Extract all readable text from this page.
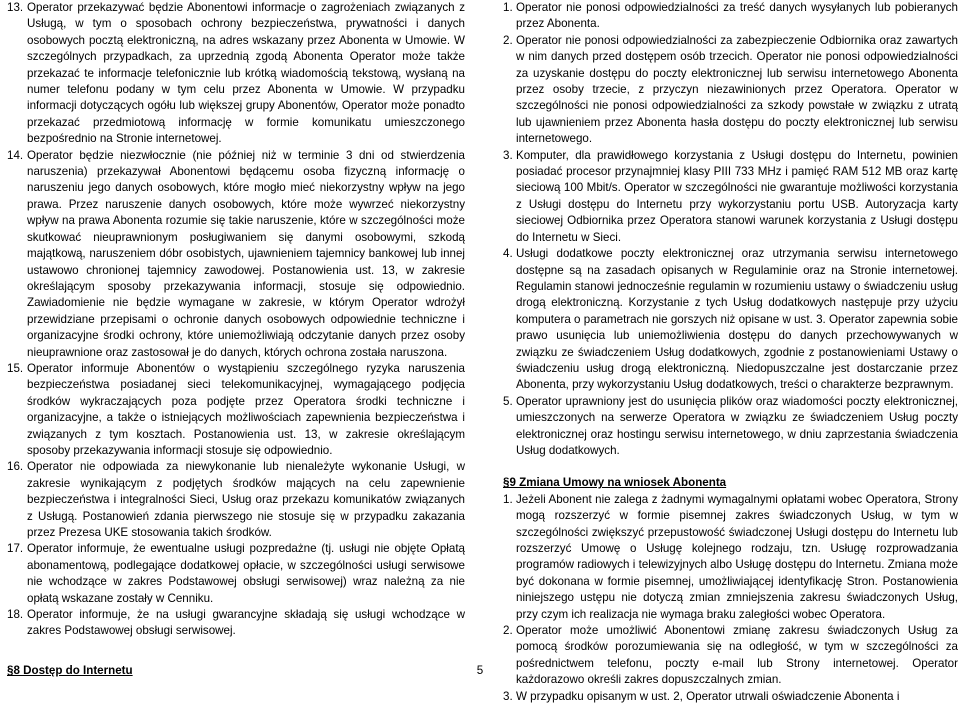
13. Operator przekazywać będzie Abonentowi informacje o zagrożeniach związanych z Usługą, w tym o sposobach ochrony bezpieczeństwa, prywatności i danych osobowych pocztą elektroniczną, na adres wskazany przez Abonenta w Umowie. W szczególnych przypadkach, za uprzednią zgodą Abonenta Operator może także przekazać te informacje telefonicznie lub krótką wiadomością tekstową, wysłaną na numer telefonu podany w tym celu przez Abonenta w Umowie. W przypadku informacji dotyczących ogółu lub większej grupy Abonentów, Operator może ponadto przekazać przedmiotową informację w formie komunikatu umieszczonego bezpośrednio na Stronie internetowej.
14. Operator będzie niezwłocznie (nie później niż w terminie 3 dni od stwierdzenia naruszenia) przekazywał Abonentowi będącemu osoba fizyczną informację o naruszeniu jego danych osobowych, które mogło mieć niekorzystny wpływ na jego prawa. Przez naruszenie danych osobowych, które może wywrzeć niekorzystny wpływ na prawa Abonenta rozumie się takie naruszenie, które w szczególności może skutkować nieuprawnionym posługiwaniem się danymi osobowymi, szkodą majątkową, naruszeniem dóbr osobistych, ujawnieniem tajemnicy bankowej lub innej ustawowo chronionej tajemnicy zawodowej. Postanowienia ust. 13, w zakresie określającym sposoby przekazywania informacji, stosuje się odpowiednio. Zawiadomienie nie będzie wymagane w zakresie, w którym Operator wdrożył przewidziane przepisami o ochronie danych osobowych odpowiednie techniczne i organizacyjne środki ochrony, które uniemożliwiają odczytanie danych przez osoby nieuprawnione oraz zastosował je do danych, których ochrona została naruszona.
15. Operator informuje Abonentów o wystąpieniu szczególnego ryzyka naruszenia bezpieczeństwa posiadanej sieci telekomunikacyjnej, wymagającego podjęcia środków wykraczających poza podjęte przez Operatora środki techniczne i organizacyjne, a także o istniejących możliwościach zapewnienia bezpieczeństwa i związanych z tym kosztach. Postanowienia ust. 13, w zakresie określającym sposoby przekazywania informacji stosuje się odpowiednio.
16. Operator nie odpowiada za niewykonanie lub nienależyte wykonanie Usługi, w zakresie wynikającym z podjętych środków mających na celu zapewnienie bezpieczeństwa i integralności Sieci, Usług oraz przekazu komunikatów związanych z Usługą. Postanowień zdania pierwszego nie stosuje się w przypadku zakazania przez Prezesa UKE stosowania takich środków.
17. Operator informuje, że ewentualne usługi pozpredażne (tj. usługi nie objęte Opłatą abonamentową, podlegające dodatkowej opłacie, w szczególności usługi serwisowe nie wchodzące w zakres Podstawowej obsługi serwisowej) wraz należną za nie opłatą wskazane zostały w Cenniku.
18. Operator informuje, że na usługi gwarancyjne składają się usługi wchodzące w zakres Podstawowej obsługi serwisowej.
§8 Dostęp do Internetu
1. Operator nie ponosi odpowiedzialności za treść danych wysyłanych lub pobieranych przez Abonenta.
2. Operator nie ponosi odpowiedzialności za zabezpieczenie Odbiornika oraz zawartych w nim danych przed dostępem osób trzecich. Operator nie ponosi odpowiedzialności za uzyskanie dostępu do poczty elektronicznej lub serwisu internetowego Abonenta przez osoby trzecie, z przyczyn niezawinionych przez Operatora. Operator w szczególności nie ponosi odpowiedzialności za szkody powstałe w związku z utratą lub ujawnieniem przez Abonenta hasła dostępu do poczty elektronicznej lub serwisu internetowego.
3. Komputer, dla prawidłowego korzystania z Usługi dostępu do Internetu, powinien posiadać procesor przynajmniej klasy PIII 733 MHz i pamięć RAM 512 MB oraz kartę sieciową 100 Mbit/s. Operator w szczególności nie gwarantuje możliwości korzystania z Usługi dostępu do Internetu przy wykorzystaniu portu USB. Autoryzacja karty sieciowej Odbiornika przez Operatora stanowi warunek korzystania z Usługi dostępu do Internetu w Sieci.
4. Usługi dodatkowe poczty elektronicznej oraz utrzymania serwisu internetowego dostępne są na zasadach opisanych w Regulaminie oraz na Stronie internetowej. Regulamin stanowi jednocześnie regulamin w rozumieniu ustawy o świadczeniu usług drogą elektroniczną. Korzystanie z tych Usług dodatkowych następuje przy użyciu komputera o parametrach nie gorszych niż opisane w ust. 3. Operator zapewnia sobie prawo usunięcia lub uniemożliwienia dostępu do danych przechowywanych w związku ze świadczeniem Usług dodatkowych, zgodnie z postanowieniami Ustawy o świadczeniu usług drogą elektroniczną. Niedopuszczalne jest dostarczanie przez Abonenta, przy wykorzystaniu Usług dodatkowych, treści o charakterze bezprawnym.
5. Operator uprawniony jest do usunięcia plików oraz wiadomości poczty elektronicznej, umieszczonych na serwerze Operatora w związku ze świadczeniem Usług poczty elektronicznej oraz hostingu serwisu internetowego, w dniu zaprzestania świadczenia Usług dodatkowych.
§9 Zmiana Umowy na wniosek Abonenta
1. Jeżeli Abonent nie zalega z żadnymi wymagalnymi opłatami wobec Operatora, Strony mogą rozszerzyć w formie pisemnej zakres świadczonych Usług, w tym w szczególności zwiększyć przepustowość świadczonej Usługi dostępu do Internetu lub rozszerzyć Umowę o Usługę kolejnego rodzaju, tzn. Usługę rozprowadzania programów radiowych i telewizyjnych albo Usługę dostępu do Internetu. Zmiana może być dokonana w formie pisemnej, umożliwiającej identyfikację Stron. Postanowienia niniejszego ustępu nie dotyczą zmian zmniejszenia zakresu świadczonych Usług, przy czym ich realizacja nie wymaga braku zaległości wobec Operatora.
2. Operator może umożliwić Abonentowi zmianę zakresu świadczonych Usług za pomocą środków porozumiewania się na odległość, w tym w szczególności za pośrednictwem telefonu, poczty e-mail lub Strony internetowej. Operator każdorazowo określi zakres dopuszczalnych zmian.
3. W przypadku opisanym w ust. 2, Operator utrwali oświadczenie Abonenta i
5
